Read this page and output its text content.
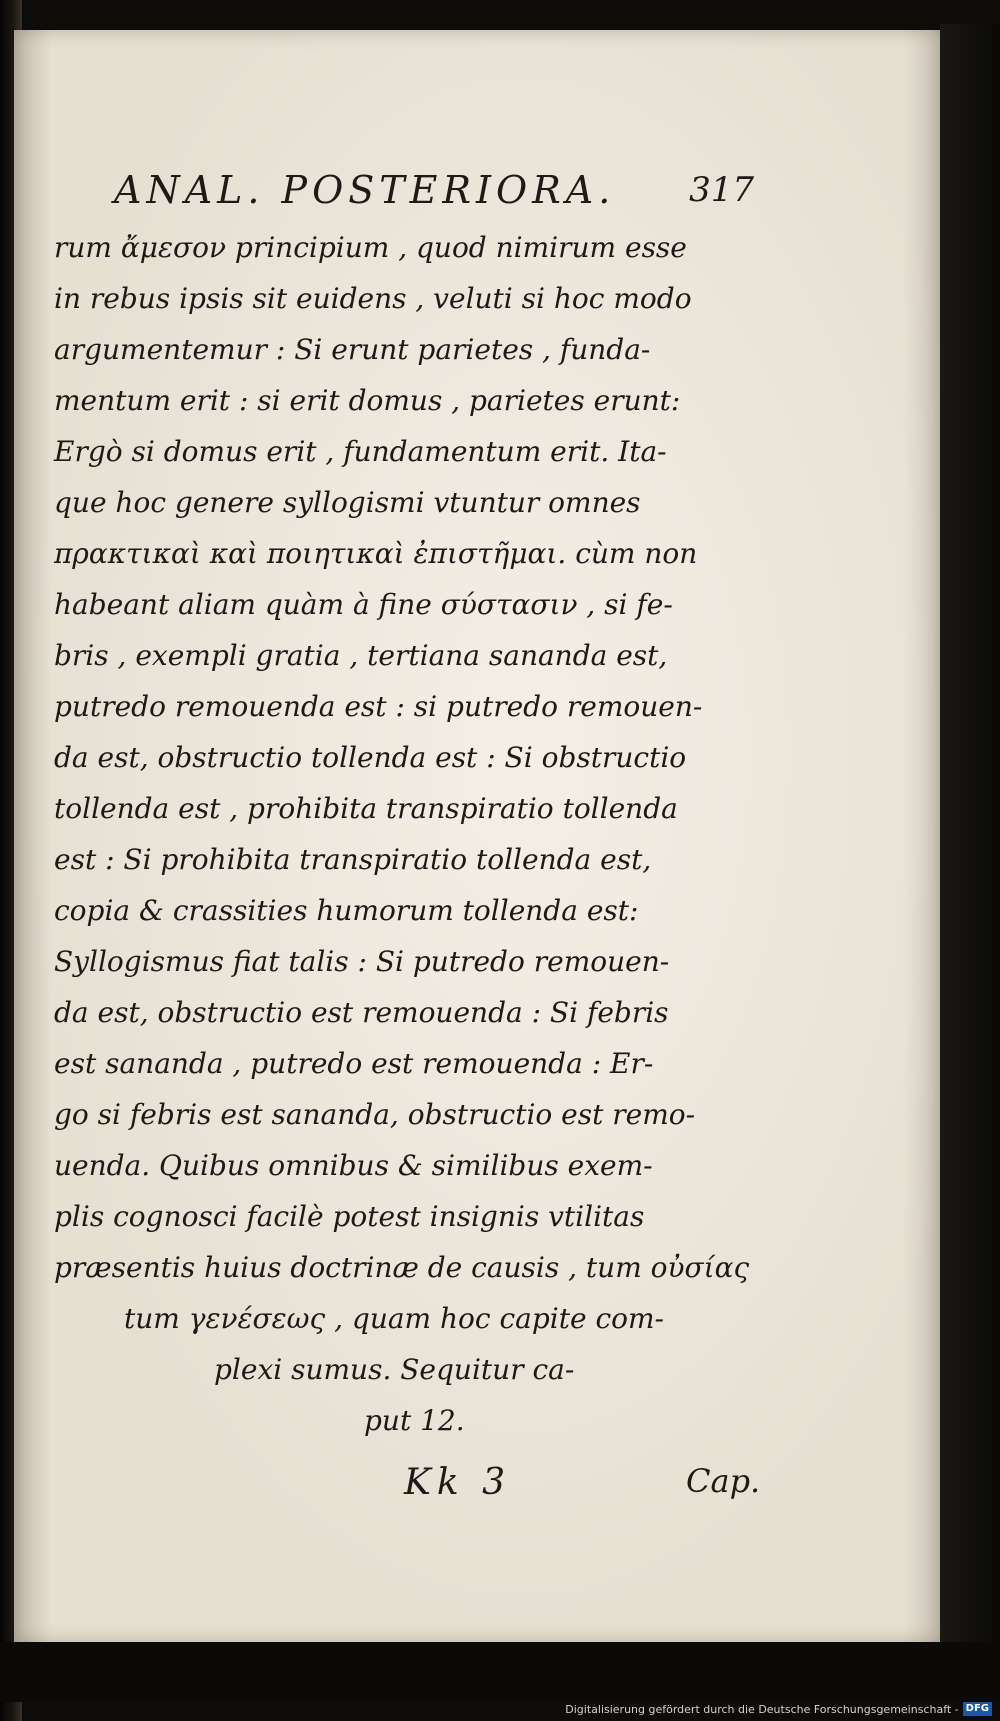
ANAL. POSTERIORA. 317
rum ἄμεσον principium , quod nimirum esse
in rebus ipsis sit euidens , veluti si hoc modo
argumentemur : Si erunt parietes , funda-
mentum erit : si erit domus , parietes erunt:
Ergò si domus erit , fundamentum erit. Ita-
que hoc genere syllogismi vtuntur omnes
πρακτικαὶ καὶ ποιητικαὶ ἐπιστῆμαι. cùm non
habeant aliam quàm à fine σύστασιν , si fe-
bris , exempli gratia , tertiana sananda est,
putredo remouenda est : si putredo remouen-
da est, obstructio tollenda est : Si obstructio
tollenda est , prohibita transpiratio tollenda
est : Si prohibita transpiratio tollenda est,
copia & crassities humorum tollenda est:
Syllogismus fiat talis : Si putredo remouen-
da est, obstructio est remouenda : Si febris
est sananda , putredo est remouenda : Er-
go si febris est sananda, obstructio est remo-
uenda. Quibus omnibus & similibus exem-
plis cognosci facilè potest insignis vtilitas
præsentis huius doctrinæ de causis , tum οὐσίας
tum γενέσεως , quam hoc capite com-
plexi sumus. Sequitur ca-
put 12.
Kk 3	Cap.
Digitalisierung gefördert durch die Deutsche Forschungsgemeinschaft - DFG
